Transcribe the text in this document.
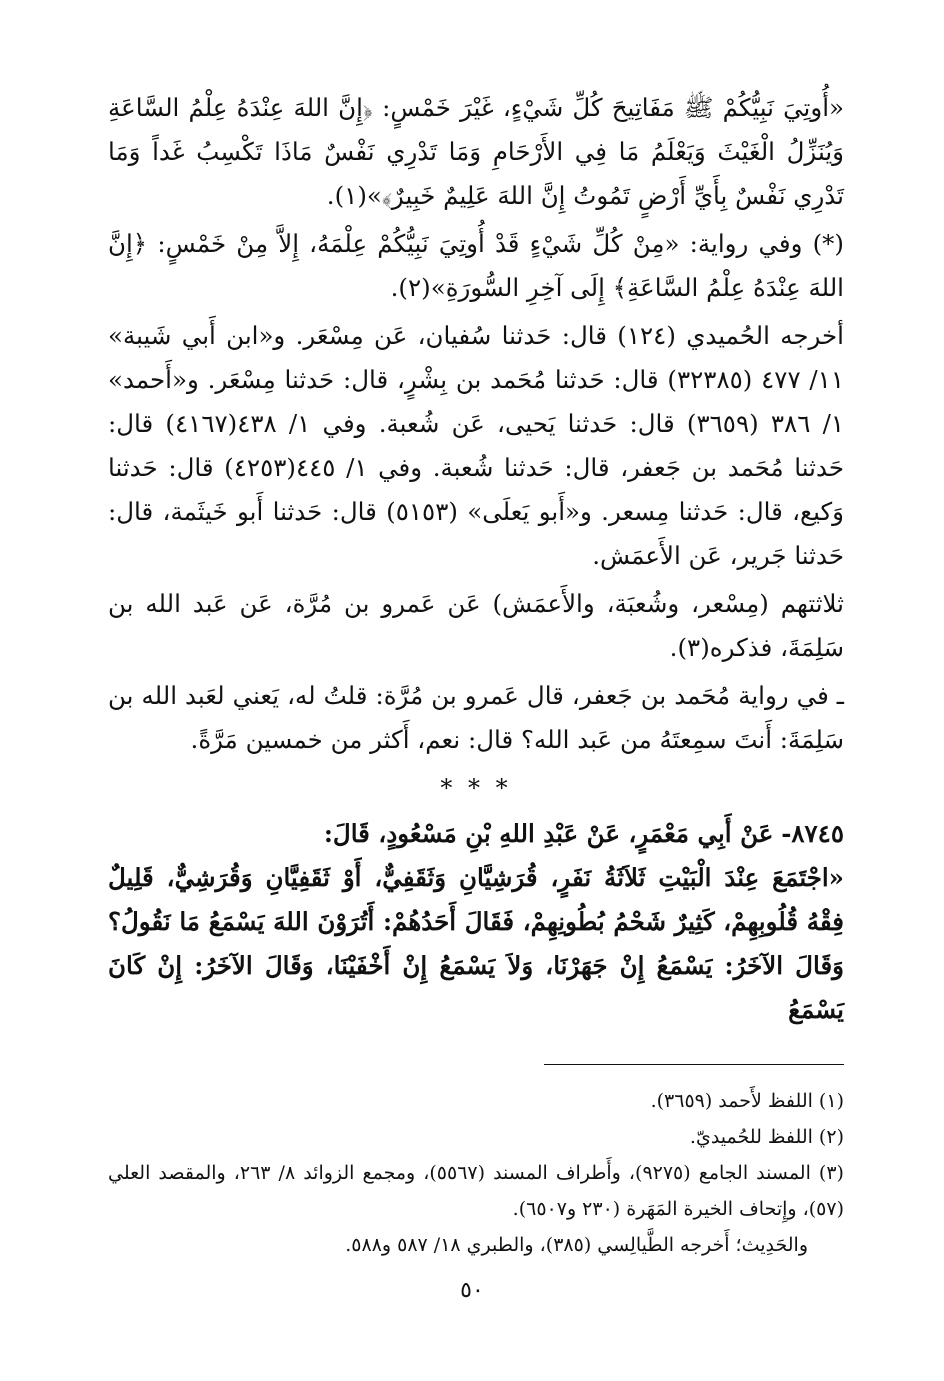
«أُوتِيَ نَبِيُّكُمْ ﷺ مَفَاتِيحَ كُلِّ شَيْءٍ، غَيْرَ خَمْسٍ: ﴿إِنَّ اللهَ عِنْدَهُ عِلْمُ السَّاعَةِ وَيُنَزِّلُ الْغَيْثَ وَيَعْلَمُ مَا فِي الأَرْحَامِ وَمَا تَدْرِي نَفْسٌ مَاذَا تَكْسِبُ غَداً وَمَا تَدْرِي نَفْسٌ بِأَيِّ أَرْضٍ تَمُوتُ إِنَّ اللهَ عَلِيمٌ خَبِيرٌ﴾»(١).

(*) وفي رواية: «مِنْ كُلِّ شَيْءٍ قَدْ أُوتِيَ نَبِيُّكُمْ عِلْمَهُ، إِلاَّ مِنْ خَمْسٍ: ﴿إِنَّ اللهَ عِنْدَهُ عِلْمُ السَّاعَةِ﴾ إِلَى آخِرِ السُّورَةِ»(٢).

أخرجه الحُميدي (١٢٤) قال: حَدثنا سُفيان، عَن مِسْعَر. و«ابن أَبي شَيبة» ١١/ ٤٧٧ (٣٢٣٨٥) قال: حَدثنا مُحَمد بن بِشْرٍ، قال: حَدثنا مِسْعَر. و«أَحمد» ١/ ٣٨٦ (٣٦٥٩) قال: حَدثنا يَحيى، عَن شُعبة. وفي ١/ ٤٣٨(٤١٦٧) قال: حَدثنا مُحَمد بن جَعفر، قال: حَدثنا شُعبة. وفي ١/ ٤٤٥(٤٢٥٣) قال: حَدثنا وَكيع، قال: حَدثنا مِسعر. و«أَبو يَعلَى» (٥١٥٣) قال: حَدثنا أَبو خَيثَمة، قال: حَدثنا جَرير، عَن الأَعمَش.

ثلاثتهم (مِسْعر، وشُعبَة، والأَعمَش) عَن عَمرو بن مُرَّة، عَن عَبد الله بن سَلِمَةَ، فذكره(٣).

ـ في رواية مُحَمد بن جَعفر، قال عَمرو بن مُرَّة: قلتُ له، يَعني لعَبد الله بن سَلِمَةَ: أَنتَ سمِعتَهُ من عَبد الله؟ قال: نعم، أَكثر من خمسين مَرَّةً.

* * *

٨٧٤٥- عَنْ أَبِي مَعْمَرٍ، عَنْ عَبْدِ اللهِ بْنِ مَسْعُودٍ، قَالَ:

«اجْتَمَعَ عِنْدَ الْبَيْتِ ثَلاَثَةُ نَفَرٍ، قُرَشِيَّانِ وَثَقَفِيٌّ، أَوْ ثَقَفِيَّانِ وَقُرَشِيٌّ، قَلِيلٌ فِقْهُ قُلُوبِهِمْ، كَثِيرٌ شَحْمُ بُطُونِهِمْ، فَقَالَ أَحَدُهُمْ: أَتُرَوْنَ اللهَ يَسْمَعُ مَا نَقُولُ؟ وَقَالَ الآخَرُ: يَسْمَعُ إِنْ جَهَرْنَا، وَلاَ يَسْمَعُ إِنْ أَخْفَيْنَا، وَقَالَ الآخَرُ: إِنْ كَانَ يَسْمَعُ

(١) اللفظ لأَحمد (٣٦٥٩).

(٢) اللفظ للحُميديّ.

(٣) المسند الجامع (٩٢٧٥)، وأَطراف المسند (٥٥٦٧)، ومجمع الزوائد ٨/ ٢٦٣، والمقصد العلي (٥٧)، وإِتحاف الخيرة المَهَرة (٢٣٠ و٦٥٠٧).

والحَدِيث؛ أَخرجه الطَّيالِسي (٣٨٥)، والطبري ١٨/ ٥٨٧ و٥٨٨.

٥٠
